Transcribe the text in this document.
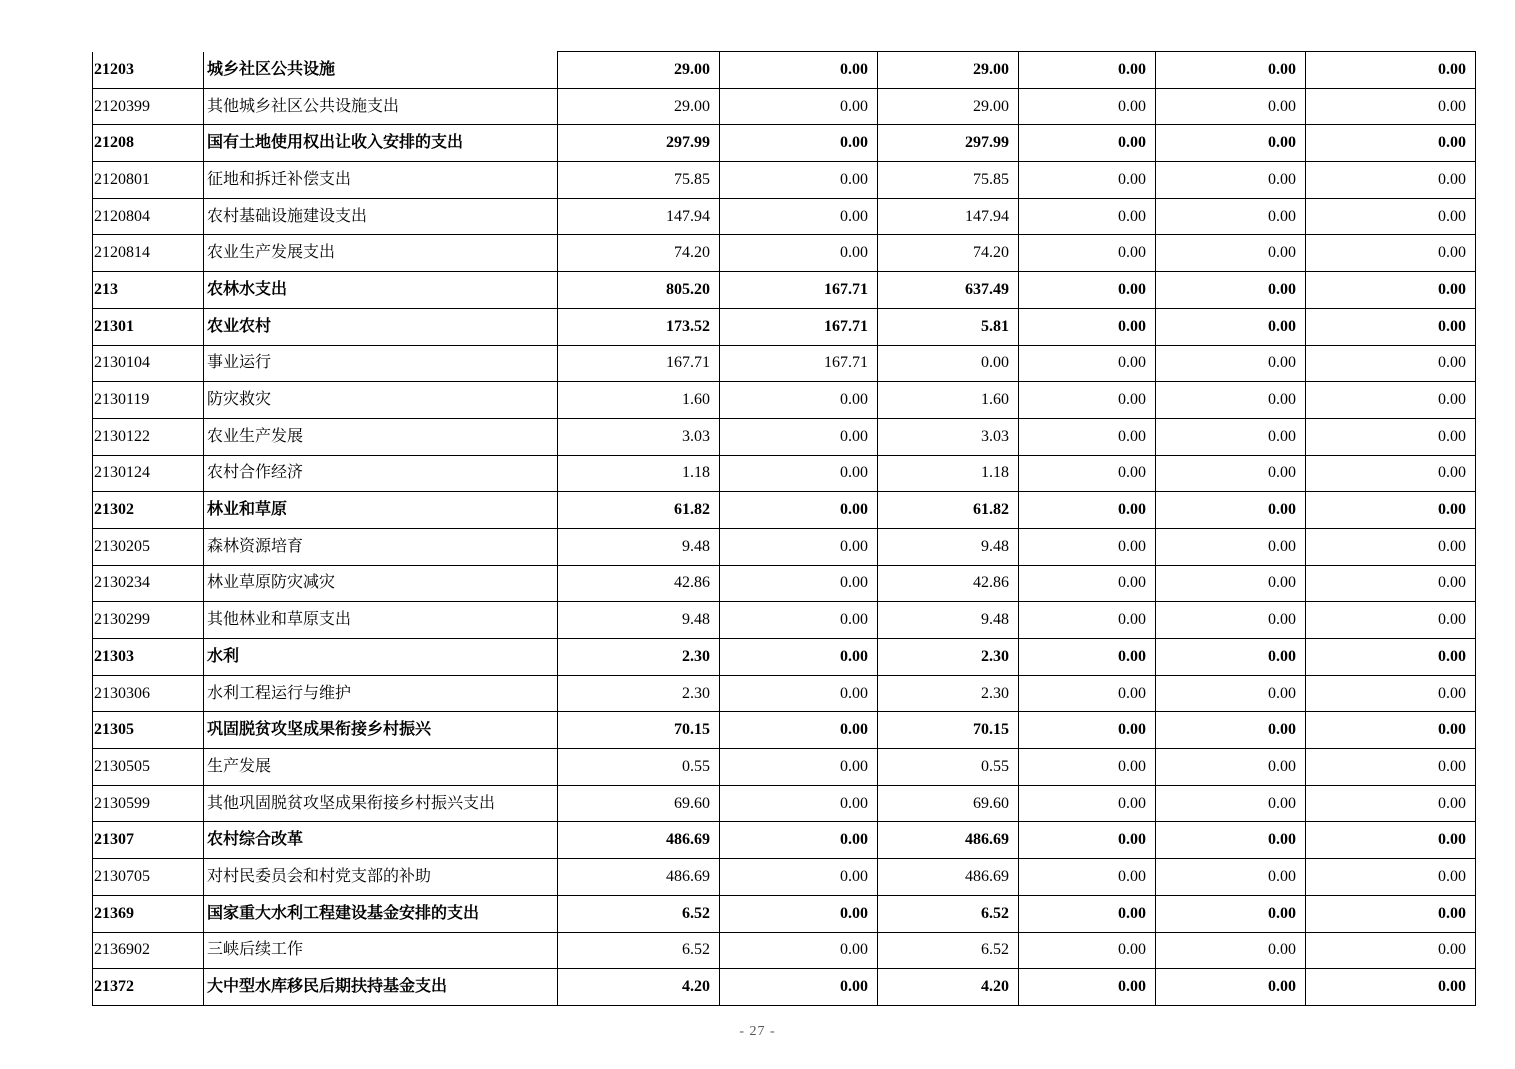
21203	城乡社区公共设施	29.00	0.00	29.00	0.00	0.00	0.00
2120399	其他城乡社区公共设施支出	29.00	0.00	29.00	0.00	0.00	0.00
21208	国有土地使用权出让收入安排的支出	297.99	0.00	297.99	0.00	0.00	0.00
2120801	征地和拆迁补偿支出	75.85	0.00	75.85	0.00	0.00	0.00
2120804	农村基础设施建设支出	147.94	0.00	147.94	0.00	0.00	0.00
2120814	农业生产发展支出	74.20	0.00	74.20	0.00	0.00	0.00
213	农林水支出	805.20	167.71	637.49	0.00	0.00	0.00
21301	农业农村	173.52	167.71	5.81	0.00	0.00	0.00
2130104	事业运行	167.71	167.71	0.00	0.00	0.00	0.00
2130119	防灾救灾	1.60	0.00	1.60	0.00	0.00	0.00
2130122	农业生产发展	3.03	0.00	3.03	0.00	0.00	0.00
2130124	农村合作经济	1.18	0.00	1.18	0.00	0.00	0.00
21302	林业和草原	61.82	0.00	61.82	0.00	0.00	0.00
2130205	森林资源培育	9.48	0.00	9.48	0.00	0.00	0.00
2130234	林业草原防灾减灾	42.86	0.00	42.86	0.00	0.00	0.00
2130299	其他林业和草原支出	9.48	0.00	9.48	0.00	0.00	0.00
21303	水利	2.30	0.00	2.30	0.00	0.00	0.00
2130306	水利工程运行与维护	2.30	0.00	2.30	0.00	0.00	0.00
21305	巩固脱贫攻坚成果衔接乡村振兴	70.15	0.00	70.15	0.00	0.00	0.00
2130505	生产发展	0.55	0.00	0.55	0.00	0.00	0.00
2130599	其他巩固脱贫攻坚成果衔接乡村振兴支出	69.60	0.00	69.60	0.00	0.00	0.00
21307	农村综合改革	486.69	0.00	486.69	0.00	0.00	0.00
2130705	对村民委员会和村党支部的补助	486.69	0.00	486.69	0.00	0.00	0.00
21369	国家重大水利工程建设基金安排的支出	6.52	0.00	6.52	0.00	0.00	0.00
2136902	三峡后续工作	6.52	0.00	6.52	0.00	0.00	0.00
21372	大中型水库移民后期扶持基金支出	4.20	0.00	4.20	0.00	0.00	0.00
- 27 -
